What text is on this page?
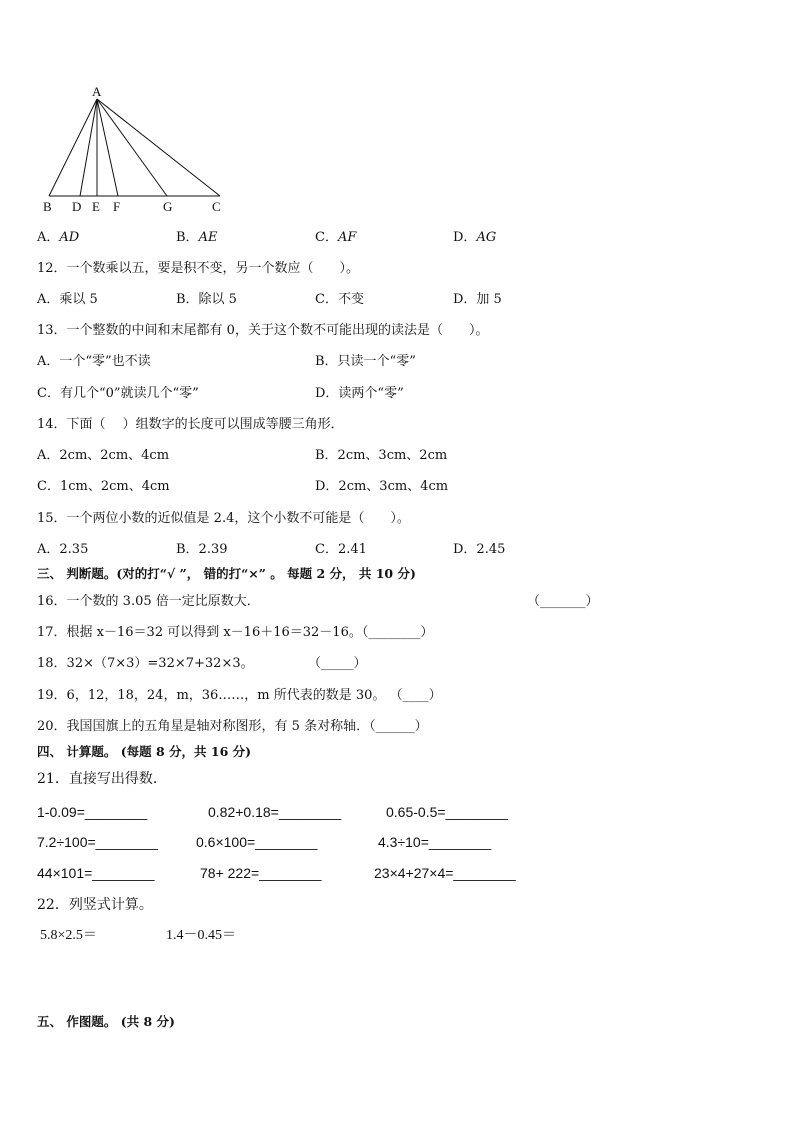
A
B D E F	G	C
A．AD	B．AE	C．AF	D．AG
12．一个数乘以五，要是积不变，另一个数应（　　）。
A．乘以 5	B．除以 5	C．不变	D．加 5
13．一个整数的中间和末尾都有 0，关于这个数不可能出现的读法是（　　）。
A．一个“零”也不读	B．只读一个“零”
C．有几个“0”就读几个“零”	D．读两个“零”
14．下面（　 ）组数字的长度可以围成等腰三角形．
A．2cm、2cm、4cm	B．2cm、3cm、2cm
C．1cm、2cm、4cm	D．2cm、3cm、4cm
15．一个两位小数的近似值是 2.4，这个小数不可能是（　　）。
A．2.35	B．2.39	C．2.41	D．2.45
三、 判断题。(对的打“√ ”， 错的打“×” 。 每题 2 分， 共 10 分)
16．一个数的 3.05 倍一定比原数大．	（_______）
17．根据 x－16＝32 可以得到 x－16＋16＝32－16。（________）
18．32×（7×3）=32×7+32×3。	（_____）
19．6，12，18，24，m，36……，m 所代表的数是 30。 （____）
20．我国国旗上的五角星是轴对称图形，有 5 条对称轴．（______）
四、 计算题。 (每题 8 分，共 16 分)
21．直接写出得数．
1-0.09=________	0.82+0.18=________	0.65-0.5=________
7.2÷100=________	0.6×100=________	4.3÷10=________
44×101=________	78+ 222=________	23×4+27×4=________
22．列竖式计算。
5.8×2.5＝	1.4－0.45＝
五、 作图题。 (共 8 分)
